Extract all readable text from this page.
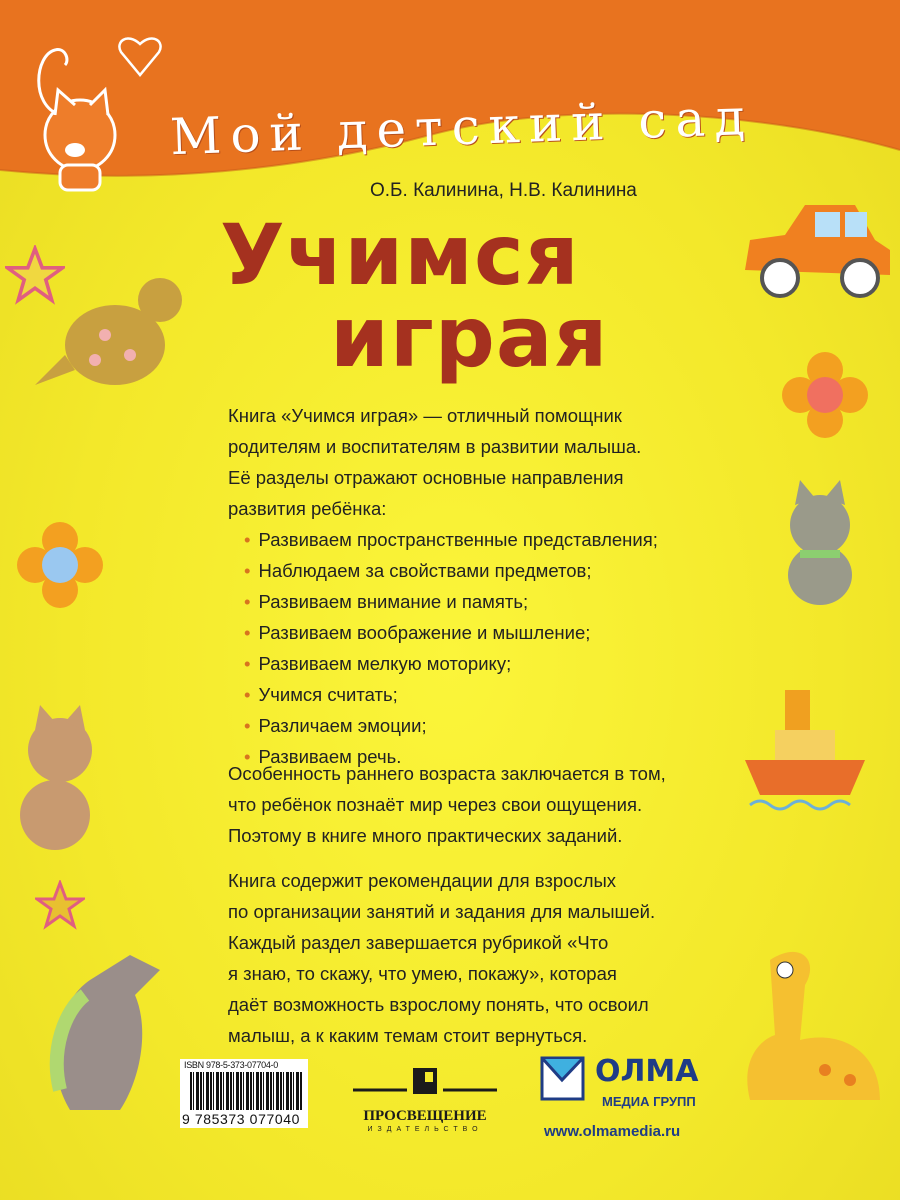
Мой детский сад
О.Б. Калинина, Н.В. Калинина
Учимся
играя
Книга «Учимся играя» — отличный помощник
родителям и воспитателям в развитии малыша.
Её разделы отражают основные направления
развития ребёнка:
• Развиваем пространственные представления;
• Наблюдаем за свойствами предметов;
• Развиваем внимание и память;
• Развиваем воображение и мышление;
• Развиваем мелкую моторику;
• Учимся считать;
• Различаем эмоции;
• Развиваем речь.
Особенность раннего возраста заключается в том,
что ребёнок познаёт мир через свои ощущения.
Поэтому в книге много практических заданий.
Книга содержит рекомендации для взрослых
по организации занятий и задания для малышей.
Каждый раздел завершается рубрикой «Что
я знаю, то скажу, что умею, покажу», которая
даёт возможность взрослому понять, что освоил
малыш, а к каким темам стоит вернуться.
ISBN 978-5-373-07704-0
9 785373 077040	ПРОСВЕЩЕНИЕ
ИЗДАТЕЛЬСТВО
ОЛМА
МЕДИА ГРУПП
www.olmamedia.ru
